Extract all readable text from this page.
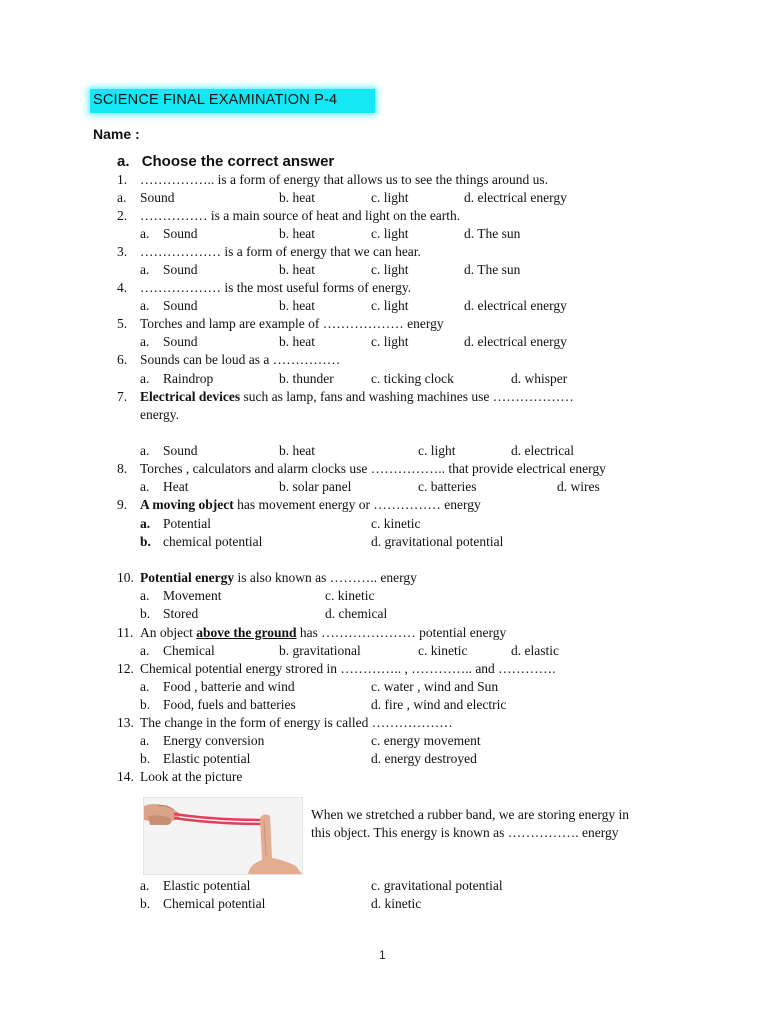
SCIENCE FINAL EXAMINATION P-4
Name :
a. Choose the correct answer
1. …………….. is a form of energy that allows us to see the things around us.
a. Sound	b. heat	c. light	d. electrical energy
2. …………… is a main source of heat and light on the earth.
a. Sound	b. heat	c. light	d. The sun
3. ……………… is a form of energy that we can hear.
a. Sound	b. heat	c. light	d. The sun
4. ……………… is the most useful forms of energy.
a. Sound	b. heat	c. light	d. electrical energy
5. Torches and lamp are example of ……………… energy
a. Sound	b. heat	c. light	d. electrical energy
6. Sounds can be loud as a ……………
a. Raindrop	b. thunder	c. ticking clock	d. whisper
7. Electrical devices such as lamp, fans and washing machines use ………………
energy.
a. Sound	b. heat	c. light	d. electrical
8. Torches , calculators and alarm clocks use …………….. that provide electrical energy
a. Heat	b. solar panel	c. batteries	d. wires
9. A moving object has movement energy or …………… energy
a. Potential	c. kinetic
b. chemical potential	d. gravitational potential
10. Potential energy is also known as ……….. energy
a. Movement	c. kinetic
b. Stored	d. chemical
11. An object above the ground has ………………… potential energy
a. Chemical	b. gravitational	c. kinetic	d. elastic
12. Chemical potential energy strored in ………….. , ………….. and ………….
a. Food , batterie and wind	c. water , wind and Sun
b. Food, fuels and batteries	d. fire , wind and electric
13. The change in the form of energy is called ………………
a. Energy conversion	c. energy movement
b. Elastic potential	d. energy destroyed
14. Look at the picture
When we stretched a rubber band, we are storing energy in
this object. This energy is known as ……………. energy
a. Elastic potential	c. gravitational potential
b. Chemical potential	d. kinetic
1
